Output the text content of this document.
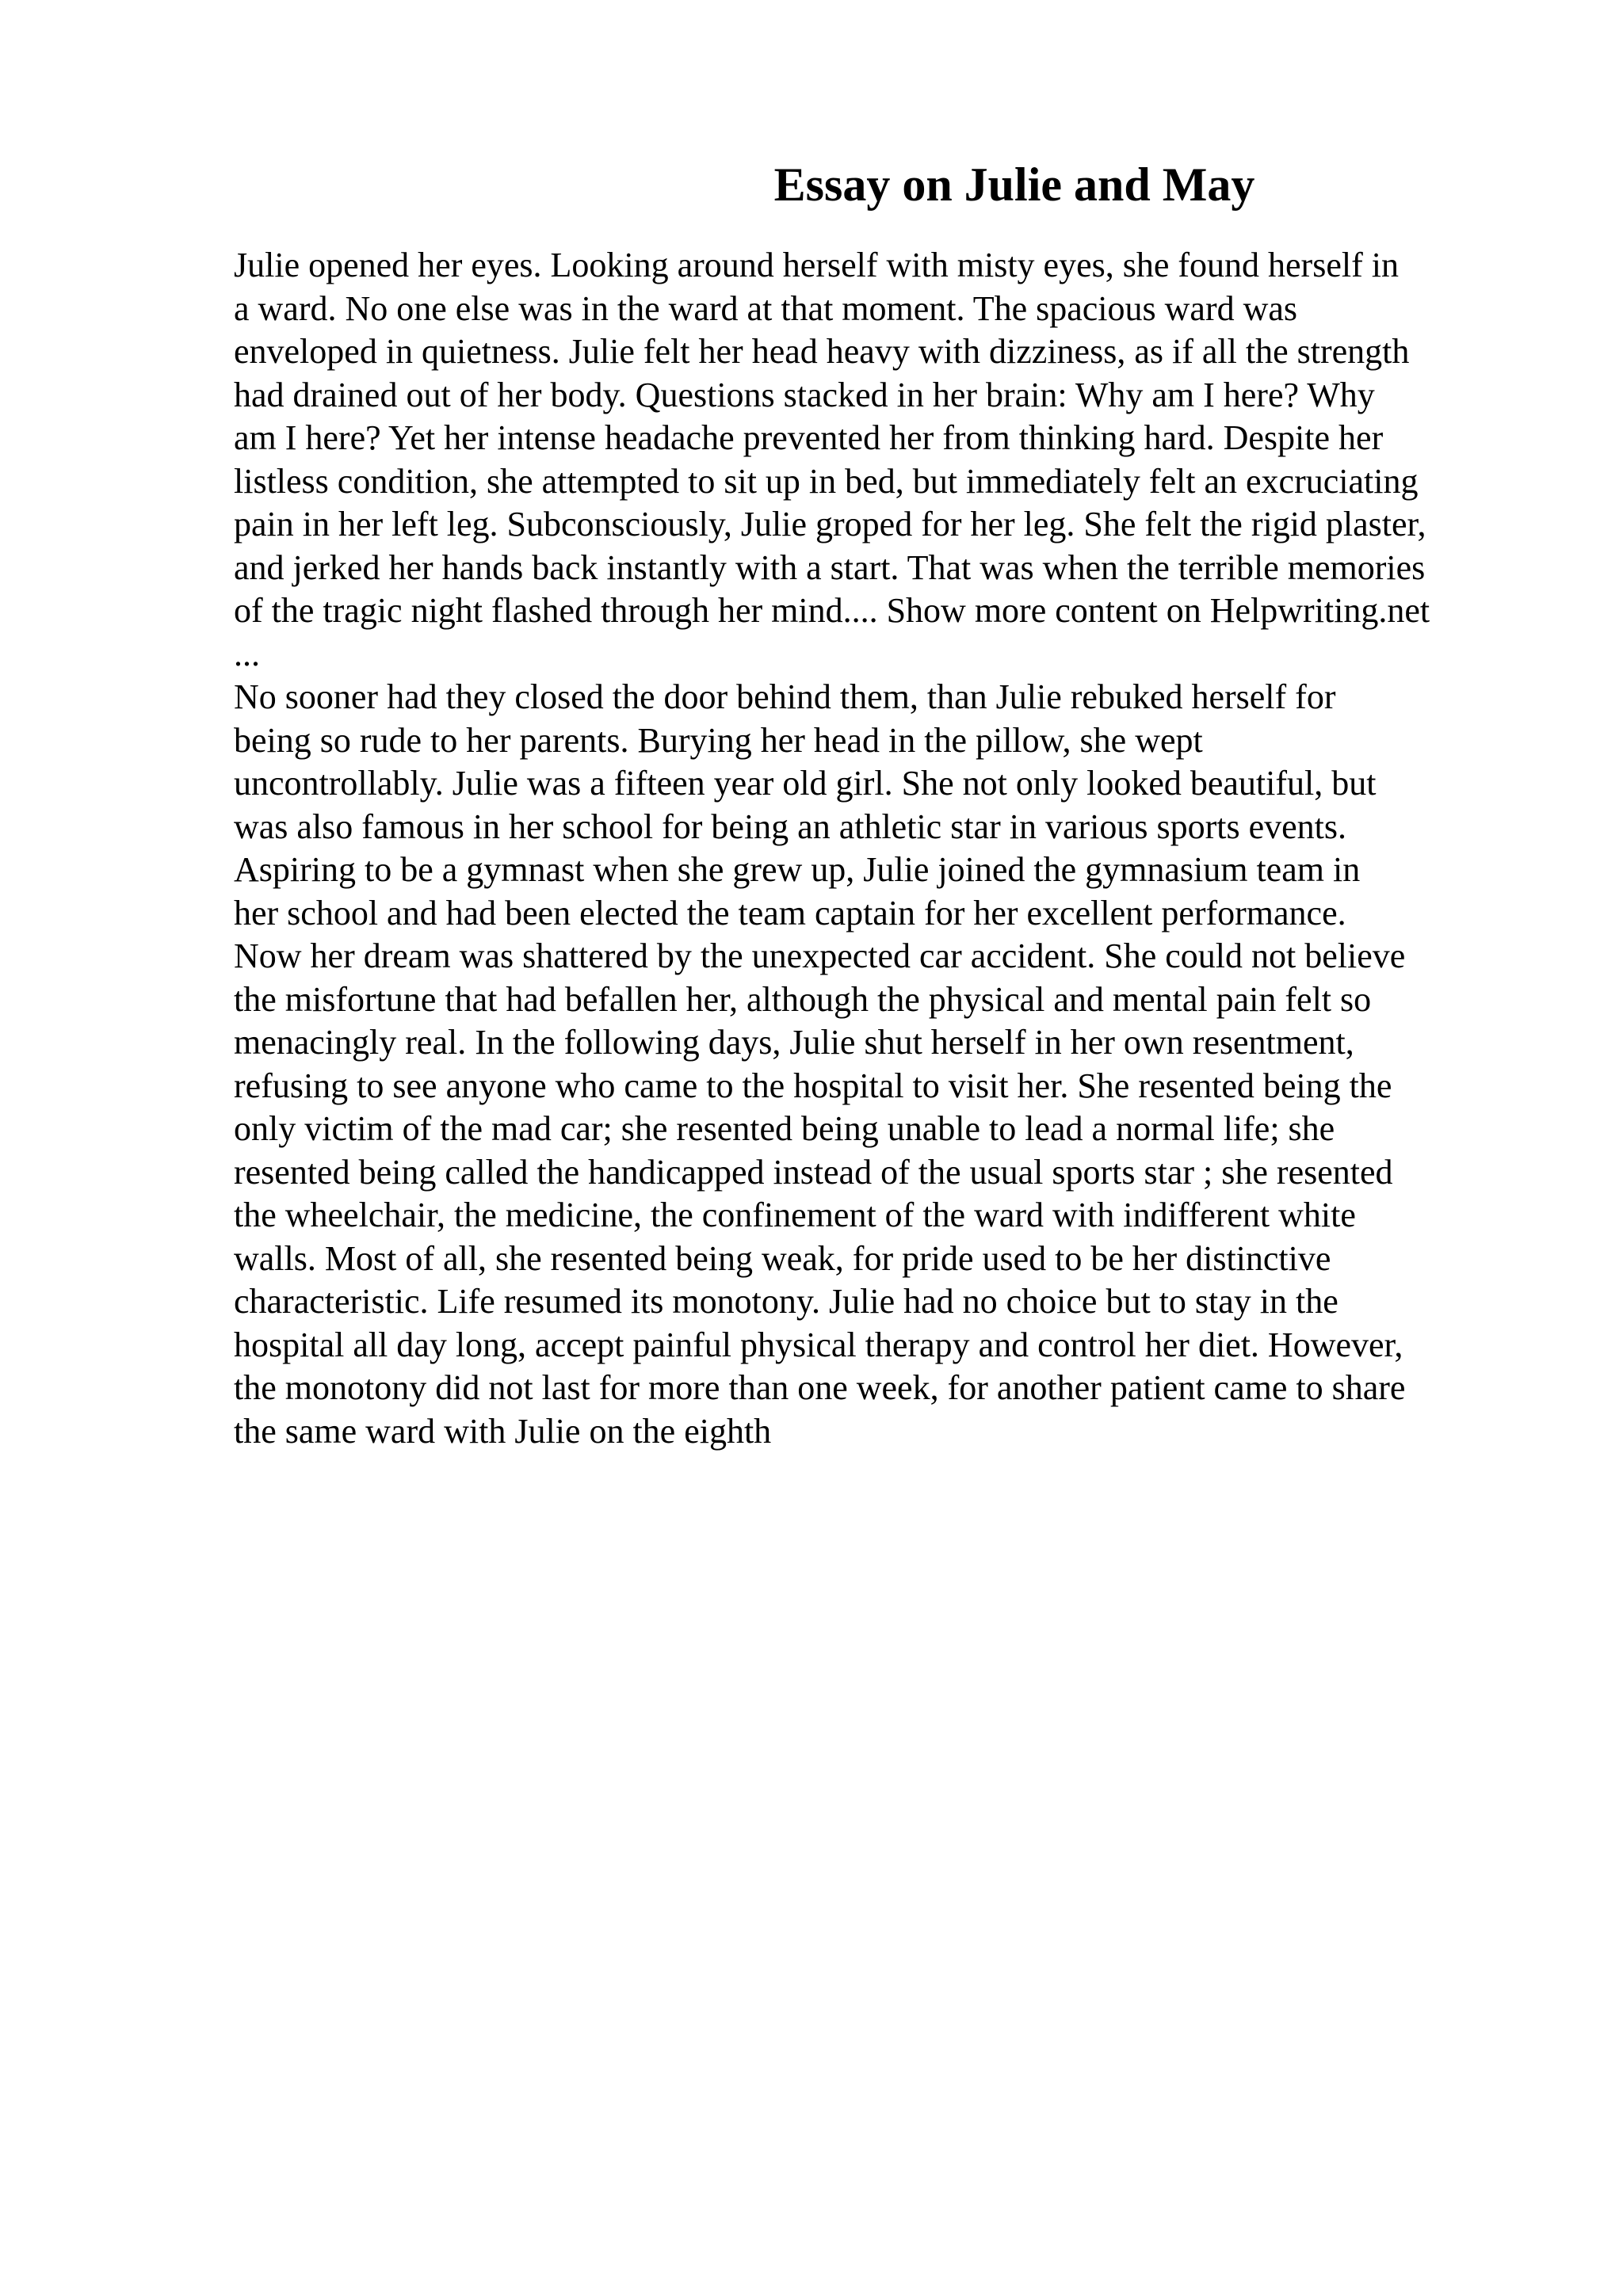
Essay on Julie and May
Julie opened her eyes. Looking around herself with misty eyes, she found herself in
a ward. No one else was in the ward at that moment. The spacious ward was
enveloped in quietness. Julie felt her head heavy with dizziness, as if all the strength
had drained out of her body. Questions stacked in her brain: Why am I here? Why
am I here? Yet her intense headache prevented her from thinking hard. Despite her
listless condition, she attempted to sit up in bed, but immediately felt an excruciating
pain in her left leg. Subconsciously, Julie groped for her leg. She felt the rigid plaster,
and jerked her hands back instantly with a start. That was when the terrible memories
of the tragic night flashed through her mind.... Show more content on Helpwriting.net
...
No sooner had they closed the door behind them, than Julie rebuked herself for
being so rude to her parents. Burying her head in the pillow, she wept
uncontrollably. Julie was a fifteen year old girl. She not only looked beautiful, but
was also famous in her school for being an athletic star in various sports events.
Aspiring to be a gymnast when she grew up, Julie joined the gymnasium team in
her school and had been elected the team captain for her excellent performance.
Now her dream was shattered by the unexpected car accident. She could not believe
the misfortune that had befallen her, although the physical and mental pain felt so
menacingly real. In the following days, Julie shut herself in her own resentment,
refusing to see anyone who came to the hospital to visit her. She resented being the
only victim of the mad car; she resented being unable to lead a normal life; she
resented being called the handicapped instead of the usual sports star ; she resented
the wheelchair, the medicine, the confinement of the ward with indifferent white
walls. Most of all, she resented being weak, for pride used to be her distinctive
characteristic. Life resumed its monotony. Julie had no choice but to stay in the
hospital all day long, accept painful physical therapy and control her diet. However,
the monotony did not last for more than one week, for another patient came to share
the same ward with Julie on the eighth
